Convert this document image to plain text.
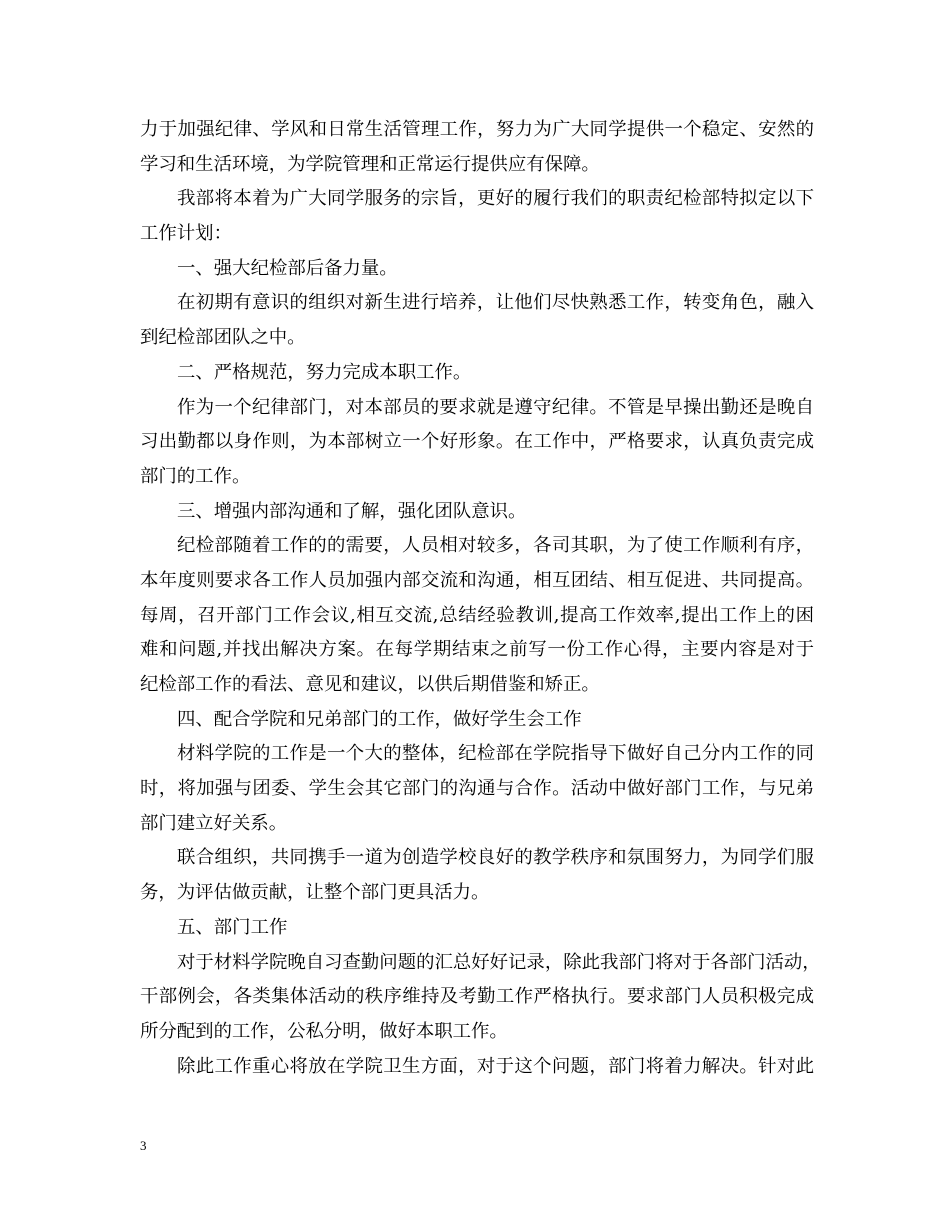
力于加强纪律、学风和日常生活管理工作，努力为广大同学提供一个稳定、安然的
学习和生活环境，为学院管理和正常运行提供应有保障。
我部将本着为广大同学服务的宗旨，更好的履行我们的职责纪检部特拟定以下
工作计划：
一、强大纪检部后备力量。
在初期有意识的组织对新生进行培养，让他们尽快熟悉工作，转变角色，融入
到纪检部团队之中。
二、严格规范，努力完成本职工作。
作为一个纪律部门，对本部员的要求就是遵守纪律。不管是早操出勤还是晚自
习出勤都以身作则，为本部树立一个好形象。在工作中，严格要求，认真负责完成
部门的工作。
三、增强内部沟通和了解，强化团队意识。
纪检部随着工作的的需要，人员相对较多，各司其职，为了使工作顺利有序，
本年度则要求各工作人员加强内部交流和沟通，相互团结、相互促进、共同提高。
每周，召开部门工作会议,相互交流,总结经验教训,提高工作效率,提出工作上的困
难和问题,并找出解决方案。在每学期结束之前写一份工作心得，主要内容是对于
纪检部工作的看法、意见和建议，以供后期借鉴和矫正。
四、配合学院和兄弟部门的工作，做好学生会工作
材料学院的工作是一个大的整体，纪检部在学院指导下做好自己分内工作的同
时，将加强与团委、学生会其它部门的沟通与合作。活动中做好部门工作，与兄弟
部门建立好关系。
联合组织，共同携手一道为创造学校良好的教学秩序和氛围努力，为同学们服
务，为评估做贡献，让整个部门更具活力。
五、部门工作
对于材料学院晚自习查勤问题的汇总好好记录，除此我部门将对于各部门活动，
干部例会，各类集体活动的秩序维持及考勤工作严格执行。要求部门人员积极完成
所分配到的工作，公私分明，做好本职工作。
除此工作重心将放在学院卫生方面，对于这个问题，部门将着力解决。针对此
3
